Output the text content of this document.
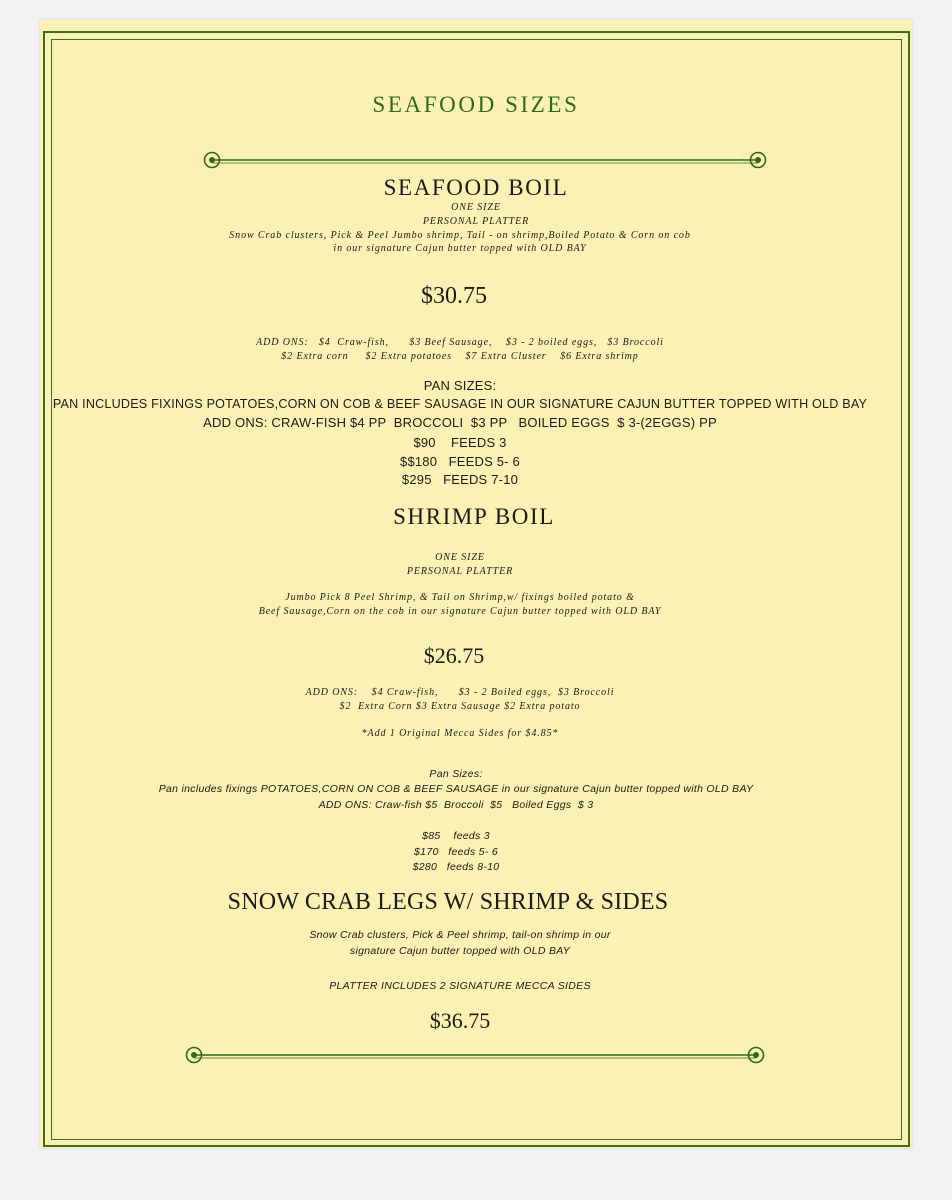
SEAFOOD SIZES
SEAFOOD BOIL
ONE SIZE
PERSONAL PLATTER
Snow Crab clusters, Pick & Peel Jumbo shrimp, Tail - on shrimp,Boiled Potato & Corn on cob
in our signature Cajun butter topped with OLD BAY
$30.75
ADD ONS:   $4  Craw-fish,      $3 Beef Sausage,    $3 - 2 boiled eggs,   $3 Broccoli
$2 Extra corn     $2 Extra potatoes    $7 Extra Cluster    $6 Extra shrimp
PAN SIZES:
PAN INCLUDES FIXINGS POTATOES,CORN ON COB & BEEF SAUSAGE IN OUR SIGNATURE CAJUN BUTTER TOPPED WITH OLD BAY
ADD ONS: CRAW-FISH $4 PP  BROCCOLI  $3 PP   BOILED EGGS  $ 3-(2EGGS) PP
$90    FEEDS 3
$$180   FEEDS 5- 6
$295   FEEDS 7-10
SHRIMP BOIL
ONE SIZE
PERSONAL PLATTER
Jumbo Pick 8 Peel Shrimp, & Tail on Shrimp,w/ fixings boiled potato &
Beef Sausage,Corn on the cob in our signature Cajun butter topped with OLD BAY
$26.75
ADD ONS:    $4 Craw-fish,      $3 - 2 Boiled eggs,  $3 Broccoli
$2  Extra Corn $3 Extra Sausage $2 Extra potato
*Add 1 Original Mecca Sides for $4.85*
Pan Sizes:
Pan includes fixings POTATOES,CORN ON COB & BEEF SAUSAGE in our signature Cajun butter topped with OLD BAY
ADD ONS: Craw-fish $5  Broccoli  $5   Boiled Eggs  $ 3
$85    feeds 3
$170   feeds 5- 6
$280   feeds 8-10
SNOW CRAB LEGS W/ SHRIMP & SIDES
Snow Crab clusters, Pick & Peel shrimp, tail-on shrimp in our
signature Cajun butter topped with OLD BAY
PLATTER INCLUDES 2 SIGNATURE MECCA SIDES
$36.75
